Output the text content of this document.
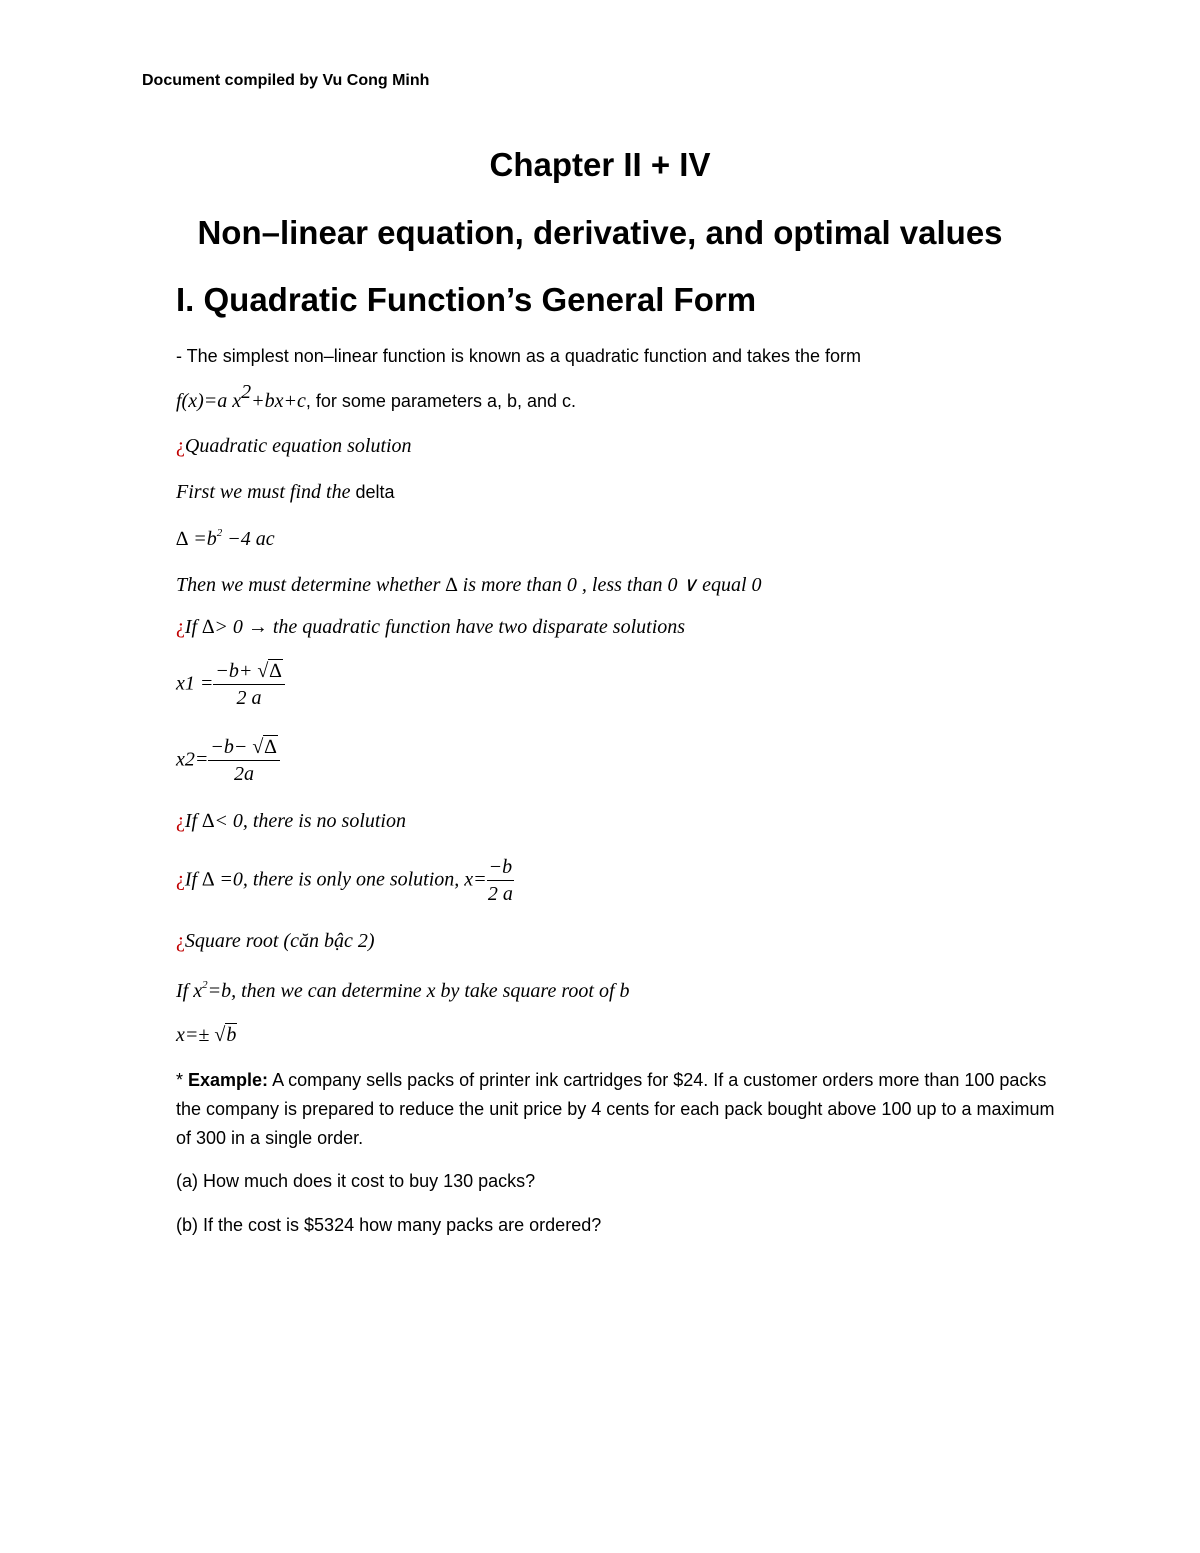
Document compiled by Vu Cong Minh
Chapter II + IV
Non–linear equation, derivative, and optimal values
I. Quadratic Function’s General Form
- The simplest non–linear function is known as a quadratic function and takes the form
f(x)=a $x^2+bx+c$, for some parameters a, b, and c.
¿Quadratic equation solution
First we must find the delta
∆ $=b^2 -4$ ac
Then we must determine whether ∆ is more than 0 , less than 0 ∨ equal 0
¿If ∆> 0 → the quadratic function have two disparate solutions
$x1 = \frac{-b+ √\Delta}{2 a}$
$x2= \frac{-b- √\Delta}{2a}$
¿If ∆< 0, there is no solution
¿If ∆ =0, there is only one solution, $x= \frac{-b}{2 a}$
¿Square root (căn bậc 2)
If $x^2=b$, then we can determine x by take square root of b
x=± √b
* Example: A company sells packs of printer ink cartridges for $24. If a customer orders more than 100 packs the company is prepared to reduce the unit price by 4 cents for each pack bought above 100 up to a maximum of 300 in a single order.
(a) How much does it cost to buy 130 packs?
(b) If the cost is $5324 how many packs are ordered?
